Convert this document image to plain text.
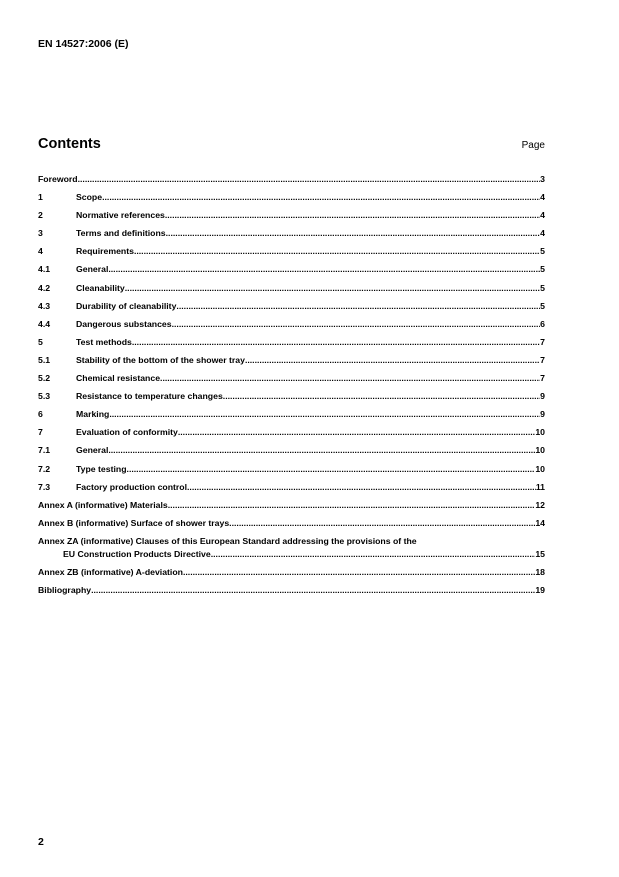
EN 14527:2006 (E)
Contents	Page
Foreword .....	3
1	Scope .....	4
2	Normative references .....	4
3	Terms and definitions .....	4
4	Requirements .....	5
4.1	General .....	5
4.2	Cleanability .....	5
4.3	Durability of cleanability .....	5
4.4	Dangerous substances .....	6
5	Test methods .....	7
5.1	Stability of the bottom of the shower tray .....	7
5.2	Chemical resistance .....	7
5.3	Resistance to temperature changes .....	9
6	Marking .....	9
7	Evaluation of conformity .....	10
7.1	General .....	10
7.2	Type testing .....	10
7.3	Factory production control .....	11
Annex A (informative) Materials .....	12
Annex B (informative) Surface of shower trays .....	14
Annex ZA (informative) Clauses of this European Standard addressing the provisions of the
EU Construction Products Directive .....	15
Annex ZB (informative) A-deviation .....	18
Bibliography .....	19
2
